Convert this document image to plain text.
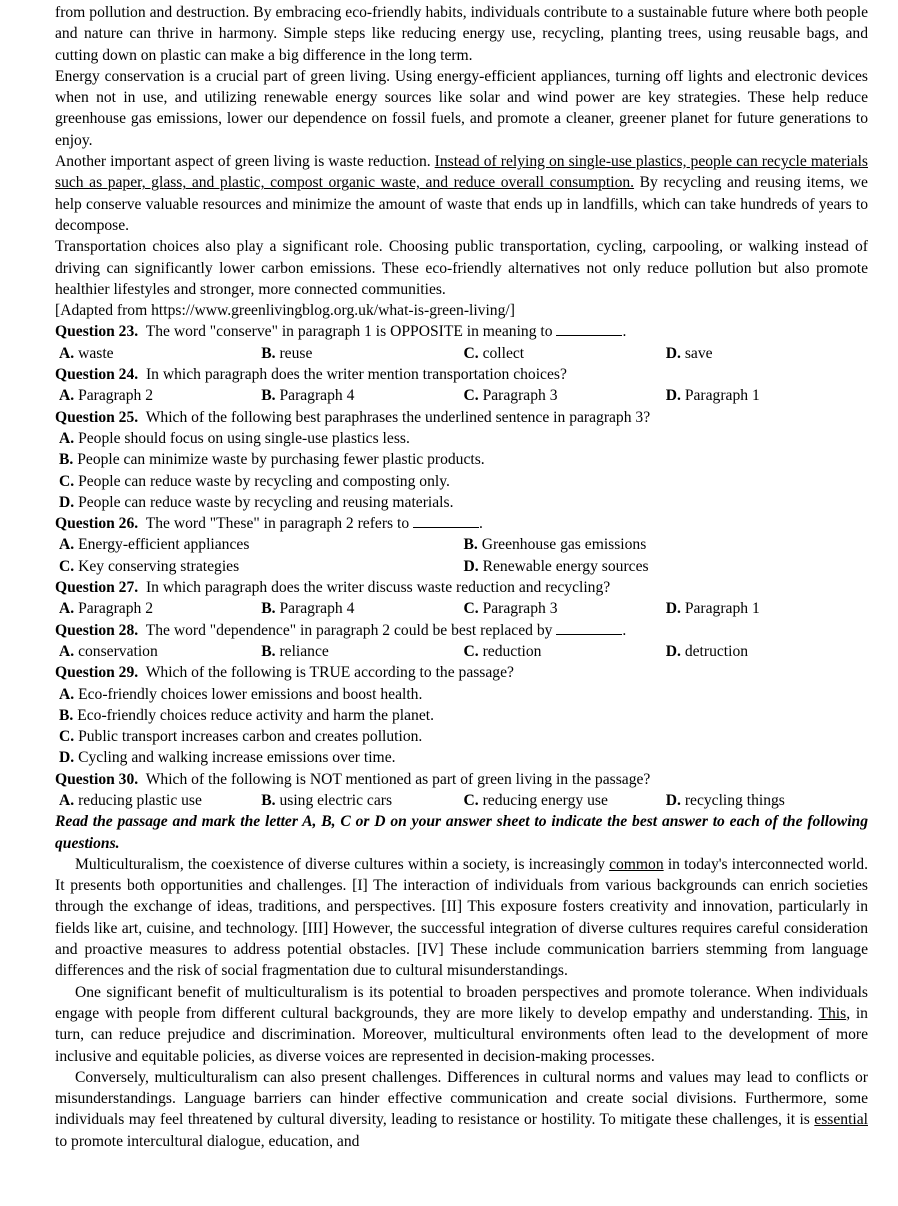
from pollution and destruction. By embracing eco-friendly habits, individuals contribute to a sustainable future where both people and nature can thrive in harmony. Simple steps like reducing energy use, recycling, planting trees, using reusable bags, and cutting down on plastic can make a big difference in the long term.

Energy conservation is a crucial part of green living. Using energy-efficient appliances, turning off lights and electronic devices when not in use, and utilizing renewable energy sources like solar and wind power are key strategies. These help reduce greenhouse gas emissions, lower our dependence on fossil fuels, and promote a cleaner, greener planet for future generations to enjoy.

Another important aspect of green living is waste reduction. Instead of relying on single-use plastics, people can recycle materials such as paper, glass, and plastic, compost organic waste, and reduce overall consumption. By recycling and reusing items, we help conserve valuable resources and minimize the amount of waste that ends up in landfills, which can take hundreds of years to decompose.

Transportation choices also play a significant role. Choosing public transportation, cycling, carpooling, or walking instead of driving can significantly lower carbon emissions. These eco-friendly alternatives not only reduce pollution but also promote healthier lifestyles and stronger, more connected communities.

[Adapted from https://www.greenlivingblog.org.uk/what-is-green-living/]

Question 23. The word "conserve" in paragraph 1 is OPPOSITE in meaning to	.
A. waste	B. reuse	C. collect	D. save
Question 24. In which paragraph does the writer mention transportation choices?
A. Paragraph 2	B. Paragraph 4	C. Paragraph 3	D. Paragraph 1
Question 25. Which of the following best paraphrases the underlined sentence in paragraph 3?
A. People should focus on using single-use plastics less.
B. People can minimize waste by purchasing fewer plastic products.
C. People can reduce waste by recycling and composting only.
D. People can reduce waste by recycling and reusing materials.
Question 26. The word "These" in paragraph 2 refers to	.
A. Energy-efficient appliances	B. Greenhouse gas emissions
C. Key conserving strategies	D. Renewable energy sources
Question 27. In which paragraph does the writer discuss waste reduction and recycling?
A. Paragraph 2	B. Paragraph 4	C. Paragraph 3	D. Paragraph 1
Question 28. The word "dependence" in paragraph 2 could be best replaced by	.
A. conservation	B. reliance	C. reduction	D. detruction
Question 29. Which of the following is TRUE according to the passage?
A. Eco-friendly choices lower emissions and boost health.
B. Eco-friendly choices reduce activity and harm the planet.
C. Public transport increases carbon and creates pollution.
D. Cycling and walking increase emissions over time.
Question 30. Which of the following is NOT mentioned as part of green living in the passage?
A. reducing plastic use	B. using electric cars	C. reducing energy use	D. recycling things

Read the passage and mark the letter A, B, C or D on your answer sheet to indicate the best answer to each of the following questions.

Multiculturalism, the coexistence of diverse cultures within a society, is increasingly common in today's interconnected world. It presents both opportunities and challenges. [I] The interaction of individuals from various backgrounds can enrich societies through the exchange of ideas, traditions, and perspectives. [II] This exposure fosters creativity and innovation, particularly in fields like art, cuisine, and technology. [III] However, the successful integration of diverse cultures requires careful consideration and proactive measures to address potential obstacles. [IV] These include communication barriers stemming from language differences and the risk of social fragmentation due to cultural misunderstandings.

One significant benefit of multiculturalism is its potential to broaden perspectives and promote tolerance. When individuals engage with people from different cultural backgrounds, they are more likely to develop empathy and understanding. This, in turn, can reduce prejudice and discrimination. Moreover, multicultural environments often lead to the development of more inclusive and equitable policies, as diverse voices are represented in decision-making processes.

Conversely, multiculturalism can also present challenges. Differences in cultural norms and values may lead to conflicts or misunderstandings. Language barriers can hinder effective communication and create social divisions. Furthermore, some individuals may feel threatened by cultural diversity, leading to resistance or hostility. To mitigate these challenges, it is essential to promote intercultural dialogue, education, and
